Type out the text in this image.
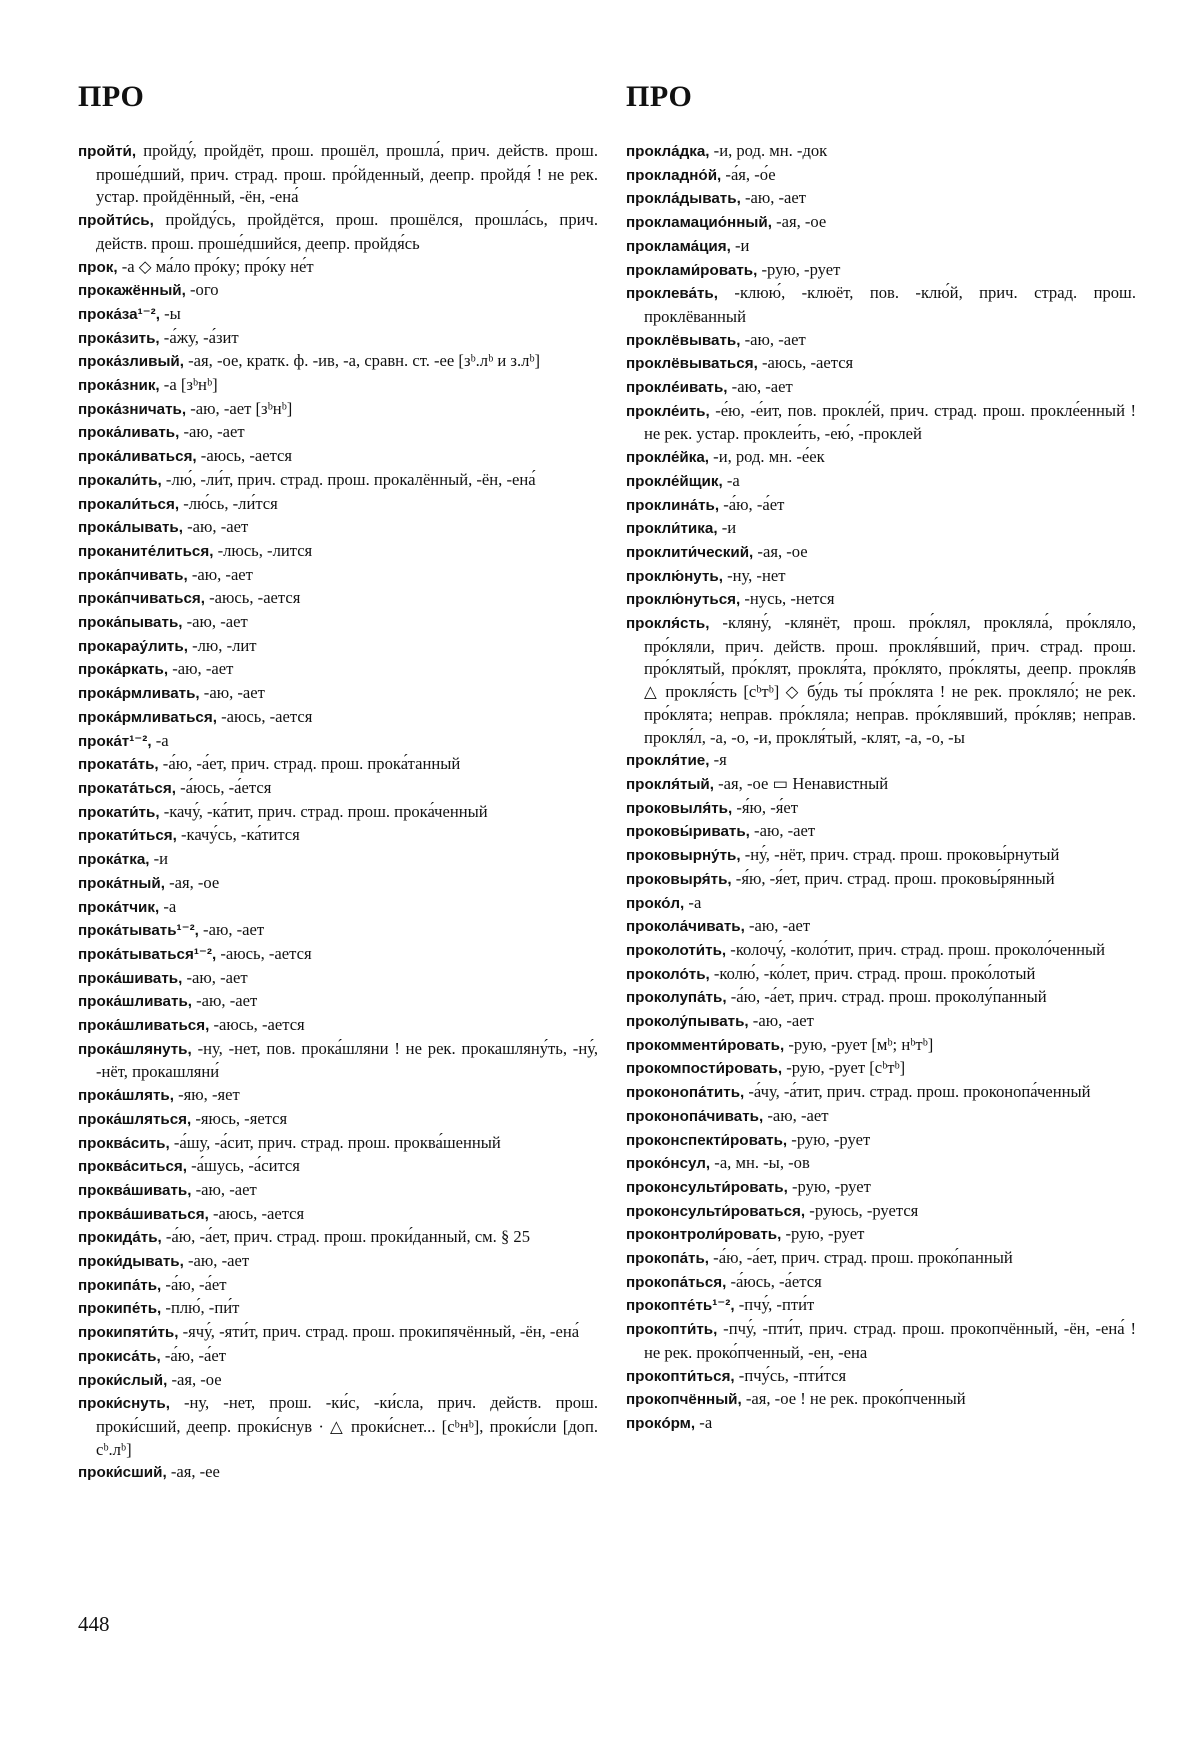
ПРО	ПРО

пройти́, пройду́, пройдёт, прош. прошёл, прошла́, прич. действ. прош. проше́дший, прич. страд. прош. про́йденный, деепр. пройдя́ ! не рек. устар. пройдённый, -ён, -ена́

пройти́сь, пройду́сь, пройдётся, прош. прошёлся, прошла́сь, прич. действ. прош. проше́дшийся, деепр. пройдя́сь

прок, -а ◇ ма́ло про́ку; про́ку не́т

прокажённый, -ого

прока́за¹⁻², -ы

прока́зить, -а́жу, -а́зит

прока́зливый, -ая, -ое, кратк. ф. -ив, -а, сравн. ст. -ее [зᵇ.лᵇ и з.лᵇ]

прока́зник, -а [зᵇнᵇ]

прока́зничать, -аю, -ает [зᵇнᵇ]

прока́ливать, -аю, -ает

прока́ливаться, -аюсь, -ается

прокали́ть, -лю́, -ли́т, прич. страд. прош. прокалённый, -ён, -ена́

прокали́ться, -лю́сь, -ли́тся

прока́лывать, -аю, -ает

проканите́литься, -люсь, -лится

прока́пчивать, -аю, -ает

прока́пчиваться, -аюсь, -ается

прока́пывать, -аю, -ает

прокарау́лить, -лю, -лит

прока́ркать, -аю, -ает

прока́рмливать, -аю, -ает

прока́рмливаться, -аюсь, -ается

прока́т¹⁻², -а

проката́ть, -а́ю, -а́ет, прич. страд. прош. прока́танный

проката́ться, -а́юсь, -а́ется

прокати́ть, -качу́, -ка́тит, прич. страд. прош. прока́ченный

прокати́ться, -качу́сь, -ка́тится

прока́тка, -и

прока́тный, -ая, -ое

прока́тчик, -а

прока́тывать¹⁻², -аю, -ает

прока́тываться¹⁻², -аюсь, -ается

прока́шивать, -аю, -ает

прока́шливать, -аю, -ает

прока́шливаться, -аюсь, -ается

прока́шлянуть, -ну, -нет, пов. прока́шляни ! не рек. прокашляну́ть, -ну́, -нёт, прокашляни́

прока́шлять, -яю, -яет

прока́шляться, -яюсь, -яется

проква́сить, -а́шу, -а́сит, прич. страд. прош. проква́шенный

проква́ситься, -а́шусь, -а́сится

проква́шивать, -аю, -ает

проква́шиваться, -аюсь, -ается

прокида́ть, -а́ю, -а́ет, прич. страд. прош. проки́данный, см. § 25

проки́дывать, -аю, -ает

прокипа́ть, -а́ю, -а́ет

прокипе́ть, -плю́, -пи́т

прокипяти́ть, -ячу́, -яти́т, прич. страд. прош. прокипячённый, -ён, -ена́

прокиса́ть, -а́ю, -а́ет

проки́слый, -ая, -ое

проки́снуть, -ну, -нет, прош. -ки́с, -ки́сла, прич. действ. прош. проки́сший, деепр. проки́снув · △ проки́снет... [сᵇнᵇ], проки́сли [доп. сᵇ.лᵇ]

проки́сший, -ая, -ее

прокла́дка, -и, род. мн. -док

прокладно́й, -а́я, -о́е

прокла́дывать, -аю, -ает

прокламацио́нный, -ая, -ое

проклама́ция, -и

проклами́ровать, -рую, -рует

проклева́ть, -клюю́, -клюёт, пов. -клю́й, прич. страд. прош. проклёванный

проклёвывать, -аю, -ает

проклёвываться, -аюсь, -ается

проклéивать, -аю, -ает

прокле́ить, -е́ю, -е́ит, пов. прокле́й, прич. страд. прош. прокле́енный ! не рек. устар. проклеи́ть, -ею́, -проклей

прокле́йка, -и, род. мн. -е́ек

прокле́йщик, -а

проклина́ть, -а́ю, -а́ет

прокли́тика, -и

проклити́ческий, -ая, -ое

проклю́нуть, -ну, -нет

проклю́нуться, -нусь, -нется

прокля́сть, -кляну́, -клянёт, прош. про́клял, прокляла́, про́кляло, про́кляли, прич. действ. прош. прокля́вший, прич. страд. прош. про́клятый, про́клят, прокля́та, про́клято, про́кляты, деепр. прокля́в △ прокля́сть [сᵇтᵇ] ◇ бу́дь ты́ про́клята ! не рек. прокляло́; не рек. про́клята; неправ. про́кляла; неправ. про́клявший, про́кляв; неправ. прокля́л, -а, -о, -и, прокля́тый, -клят, -а, -о, -ы

прокля́тие, -я

прокля́тый, -ая, -ое ▭ Ненавистный

проковыля́ть, -я́ю, -я́ет

проковы́ривать, -аю, -ает

проковырну́ть, -ну́, -нёт, прич. страд. прош. проковы́рнутый

проковыря́ть, -я́ю, -я́ет, прич. страд. прош. проковы́рянный

проко́л, -а

прокола́чивать, -аю, -ает

проколоти́ть, -колочу́, -коло́тит, прич. страд. прош. проколо́ченный

проколо́ть, -колю́, -ко́лет, прич. страд. прош. проко́лотый

проколупа́ть, -а́ю, -а́ет, прич. страд. прош. проколу́панный

проколу́пывать, -аю, -ает

прокомменти́ровать, -рую, -рует [мᵇ; нᵇтᵇ]

прокомпости́ровать, -рую, -рует [сᵇтᵇ]

проконопа́тить, -а́чу, -а́тит, прич. страд. прош. проконопа́ченный

проконопа́чивать, -аю, -ает

проконспекти́ровать, -рую, -рует

проко́нсул, -а, мн. -ы, -ов

проконсульти́ровать, -рую, -рует

проконсульти́роваться, -руюсь, -руется

проконтроли́ровать, -рую, -рует

прокопа́ть, -а́ю, -а́ет, прич. страд. прош. проко́панный

прокопа́ться, -а́юсь, -а́ется

прокопте́ть¹⁻², -пчу́, -пти́т

прокопти́ть, -пчу́, -пти́т, прич. страд. прош. прокопчённый, -ён, -ена́ ! не рек. проко́пченный, -ен, -ена

прокопти́ться, -пчу́сь, -пти́тся

прокопчённый, -ая, -ое ! не рек. проко́пченный

прокóрм, -а

448
